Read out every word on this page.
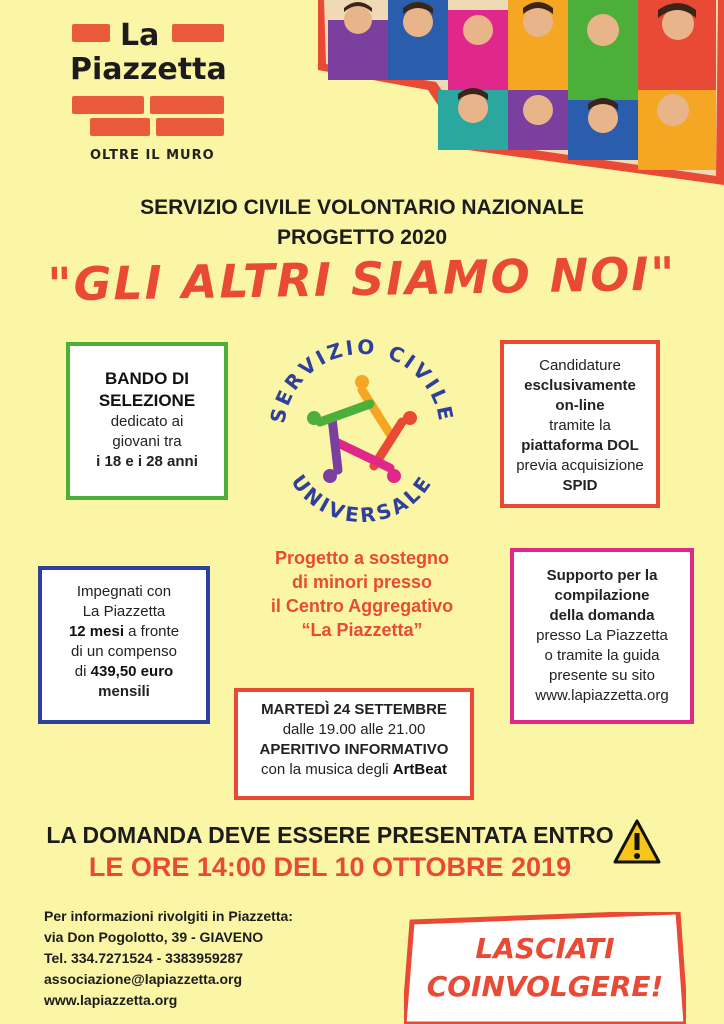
La
Piazzetta
OLTRE IL MURO
SERVIZIO CIVILE VOLONTARIO NAZIONALE
PROGETTO 2020
"GLI ALTRI SIAMO NOI"
SERVIZIO CIVILE
UNIVERSALE
BANDO DI
SELEZIONE
dedicato ai
giovani tra
i 18 e i 28 anni
Candidature
esclusivamente
on-line
tramite la
piattaforma DOL
previa acquisizione
SPID
Progetto a sostegno
di minori presso
il Centro Aggregativo
“La Piazzetta”
Impegnati con
La Piazzetta
12 mesi a fronte
di un compenso
di 439,50 euro
mensili
Supporto per la
compilazione
della domanda
presso La Piazzetta
o tramite la guida
presente su sito
www.lapiazzetta.org
MARTEDÌ 24 SETTEMBRE
dalle 19.00 alle 21.00
APERITIVO INFORMATIVO
con la musica degli ArtBeat
LA DOMANDA DEVE ESSERE PRESENTATA ENTRO
LE ORE 14:00 DEL 10 OTTOBRE 2019
Per informazioni rivolgiti in Piazzetta:
via Don Pogolotto, 39 - GIAVENO
Tel. 334.7271524 - 3383959287
associazione@lapiazzetta.org
www.lapiazzetta.org
LASCIATI
COINVOLGERE!
